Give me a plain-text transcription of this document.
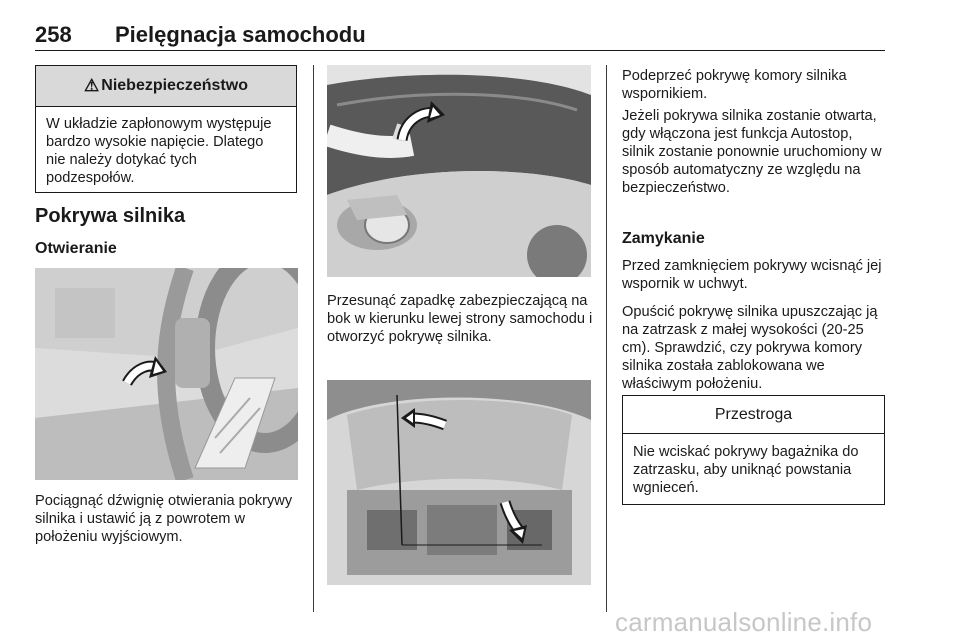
258 Pielęgnacja samochodu
⚠ Niebezpieczeństwo
W układzie zapłonowym występuje bardzo wysokie napięcie. Dlatego nie należy dotykać tych podzespołów.
Pokrywa silnika
Otwieranie
Pociągnąć dźwignię otwierania pokrywy silnika i ustawić ją z powrotem w położeniu wyjściowym.
Przesunąć zapadkę zabezpieczającą na bok w kierunku lewej strony samochodu i otworzyć pokrywę silnika.
Podeprzeć pokrywę komory silnika wspornikiem.
Jeżeli pokrywa silnika zostanie otwarta, gdy włączona jest funkcja Autostop, silnik zostanie ponownie uruchomiony w sposób automatyczny ze względu na bezpieczeństwo.
Zamykanie
Przed zamknięciem pokrywy wcisnąć jej wspornik w uchwyt.
Opuścić pokrywę silnika upuszczając ją na zatrzask z małej wysokości (20-25 cm). Sprawdzić, czy pokrywa komory silnika została zablokowana we właściwym położeniu.
Przestroga
Nie wciskać pokrywy bagażnika do zatrzasku, aby uniknąć powstania wgnieceń.
carmanualsonline.info
